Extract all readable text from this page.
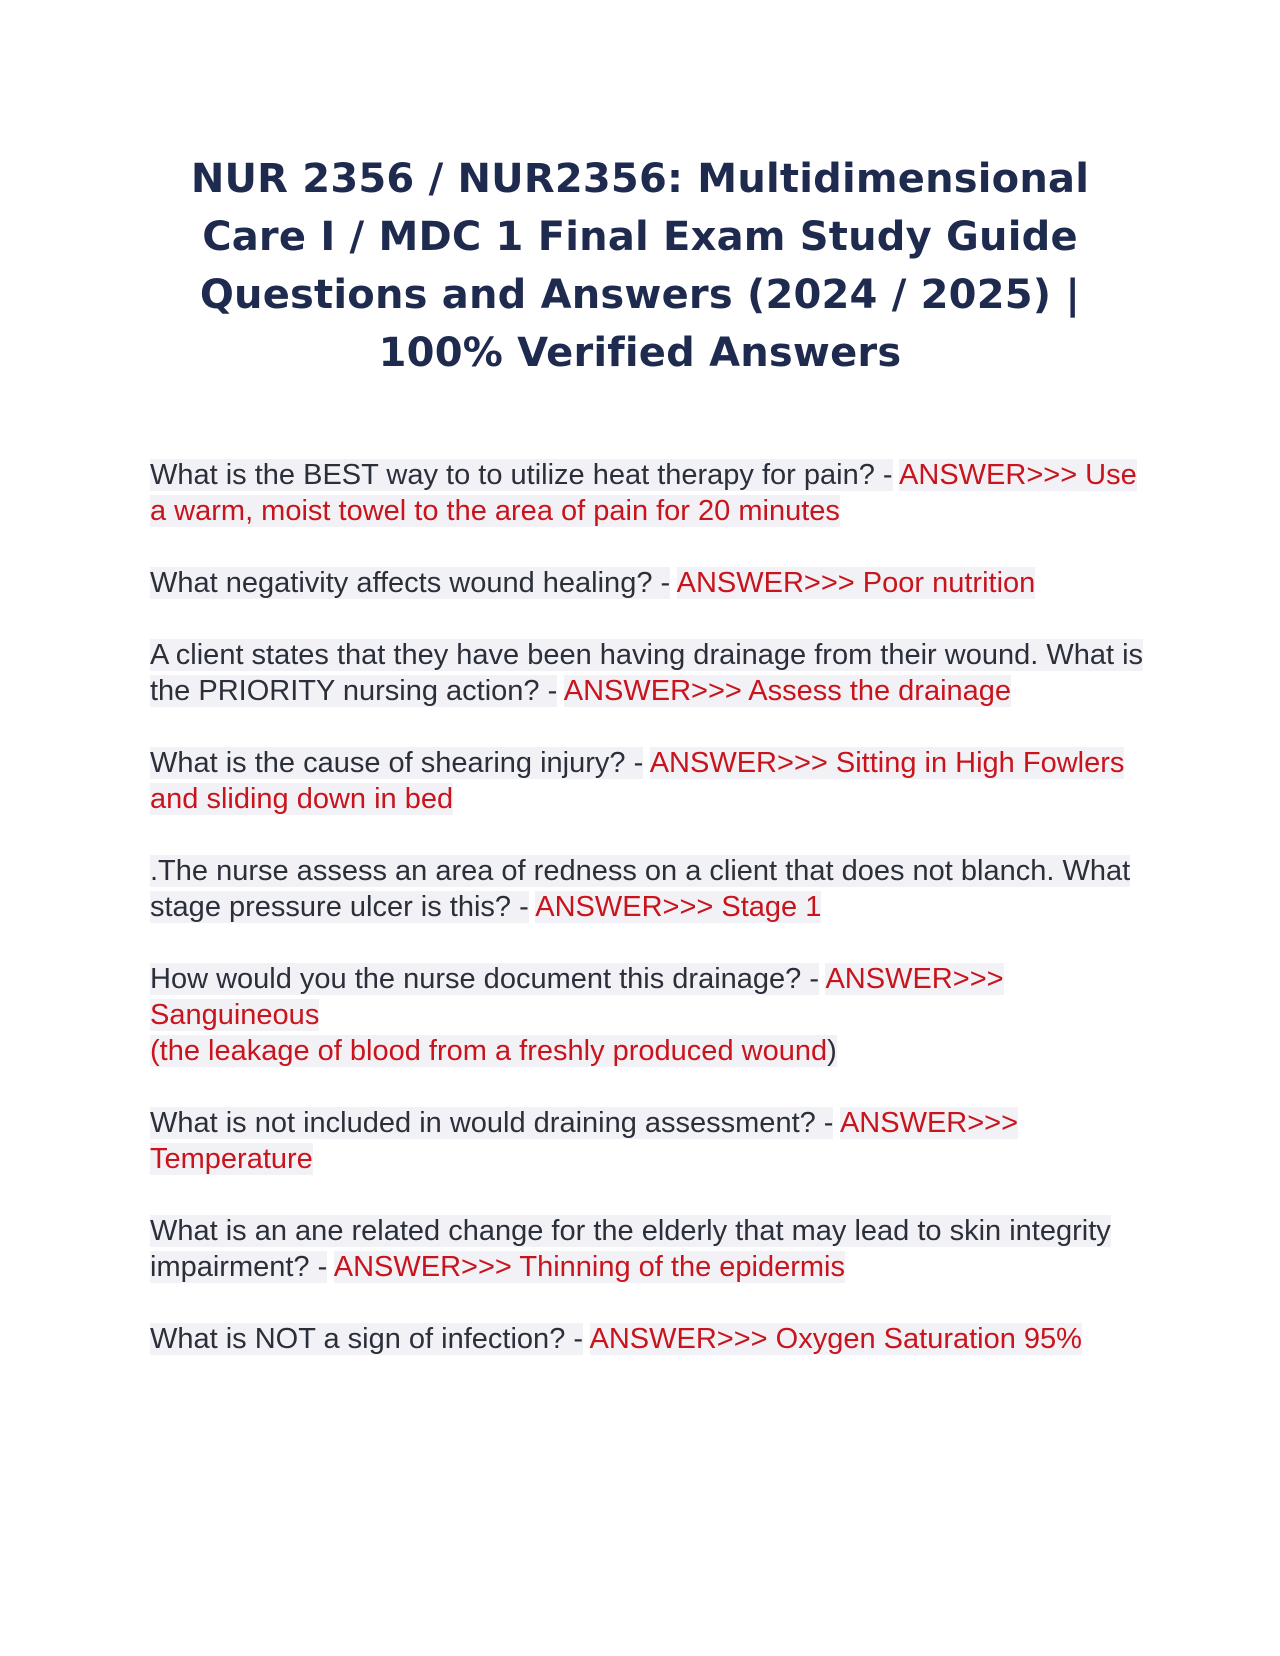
NUR 2356 / NUR2356: Multidimensional Care I / MDC 1 Final Exam Study Guide Questions and Answers (2024 / 2025) | 100% Verified Answers

What is the BEST way to to utilize heat therapy for pain? - ANSWER>>> Use a warm, moist towel to the area of pain for 20 minutes

What negativity affects wound healing? - ANSWER>>> Poor nutrition

A client states that they have been having drainage from their wound. What is the PRIORITY nursing action? - ANSWER>>> Assess the drainage

What is the cause of shearing injury? - ANSWER>>> Sitting in High Fowlers and sliding down in bed

.The nurse assess an area of redness on a client that does not blanch. What stage pressure ulcer is this? - ANSWER>>> Stage 1

How would you the nurse document this drainage? - ANSWER>>> Sanguineous
(the leakage of blood from a freshly produced wound)

What is not included in would draining assessment? - ANSWER>>> Temperature

What is an ane related change for the elderly that may lead to skin integrity impairment? - ANSWER>>> Thinning of the epidermis

What is NOT a sign of infection? - ANSWER>>> Oxygen Saturation 95%
